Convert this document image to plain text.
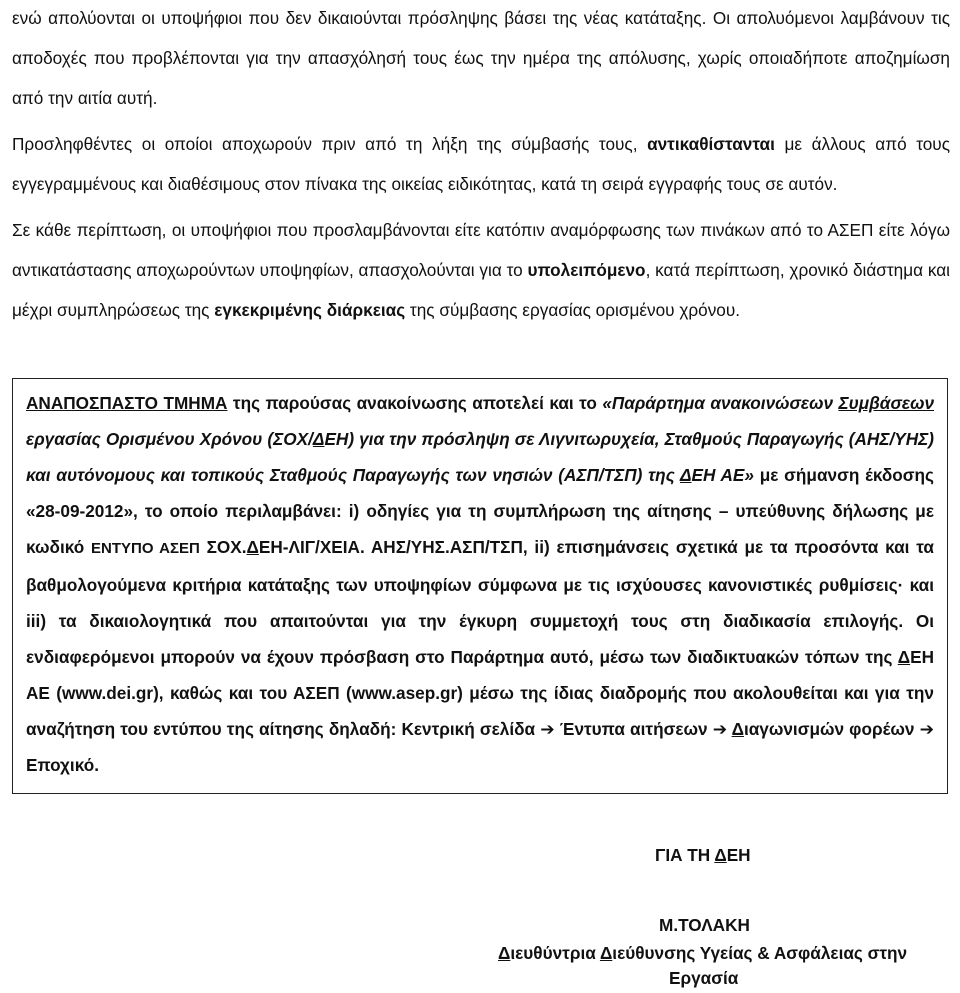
ενώ απολύονται οι υποψήφιοι που δεν δικαιούνται πρόσληψης βάσει της νέας κατάταξης. Οι απολυόμενοι λαμβάνουν τις αποδοχές που προβλέπονται για την απασχόλησή τους έως την ημέρα της απόλυσης, χωρίς οποιαδήποτε αποζημίωση από την αιτία αυτή.

Προσληφθέντες οι οποίοι αποχωρούν πριν από τη λήξη της σύμβασής τους, αντικαθίστανται με άλλους από τους εγγεγραμμένους και διαθέσιμους στον πίνακα της οικείας ειδικότητας, κατά τη σειρά εγγραφής τους σε αυτόν.

Σε κάθε περίπτωση, οι υποψήφιοι που προσλαμβάνονται είτε κατόπιν αναμόρφωσης των πινάκων από το ΑΣΕΠ είτε λόγω αντικατάστασης αποχωρούντων υποψηφίων, απασχολούνται για το υπολειπόμενο, κατά περίπτωση, χρονικό διάστημα και μέχρι συμπληρώσεως της εγκεκριμένης διάρκειας της σύμβασης εργασίας ορισμένου χρόνου.

ΑΝΑΠΟΣΠΑΣΤΟ ΤΜΗΜΑ της παρούσας ανακοίνωσης αποτελεί και το «Παράρτημα ανακοινώσεων Συμβάσεων εργασίας Ορισμένου Χρόνου (ΣΟΧ/ΔΕΗ) για την πρόσληψη σε Λιγνιτωρυχεία, Σταθμούς Παραγωγής (ΑΗΣ/ΥΗΣ) και αυτόνομους και τοπικούς Σταθμούς Παραγωγής των νησιών (ΑΣΠ/ΤΣΠ) της ΔΕΗ ΑΕ» με σήμανση έκδοσης «28-09-2012», το οποίο περιλαμβάνει: i) οδηγίες για τη συμπλήρωση της αίτησης – υπεύθυνης δήλωσης με κωδικό ΕΝΤΥΠΟ ΑΣΕΠ ΣΟΧ.ΔΕΗ-ΛΙΓ/ΧΕΙΑ. ΑΗΣ/ΥΗΣ.ΑΣΠ/ΤΣΠ, ii) επισημάνσεις σχετικά με τα προσόντα και τα βαθμολογούμενα κριτήρια κατάταξης των υποψηφίων σύμφωνα με τις ισχύουσες κανονιστικές ρυθμίσεις· και iii) τα δικαιολογητικά που απαιτούνται για την έγκυρη συμμετοχή τους στη διαδικασία επιλογής. Οι ενδιαφερόμενοι μπορούν να έχουν πρόσβαση στο Παράρτημα αυτό, μέσω των διαδικτυακών τόπων της ΔΕΗ ΑΕ (www.dei.gr), καθώς και του ΑΣΕΠ (www.asep.gr) μέσω της ίδιας διαδρομής που ακολουθείται και για την αναζήτηση του εντύπου της αίτησης δηλαδή: Κεντρική σελίδα ➔ Έντυπα αιτήσεων ➔ Διαγωνισμών φορέων ➔ Εποχικό.
ΓΙΑ ΤΗ ΔΕΗ
Μ.ΤΟΛΑΚΗ
Διευθύντρια Διεύθυνσης Υγείας & Ασφάλειας στην
Εργασία
